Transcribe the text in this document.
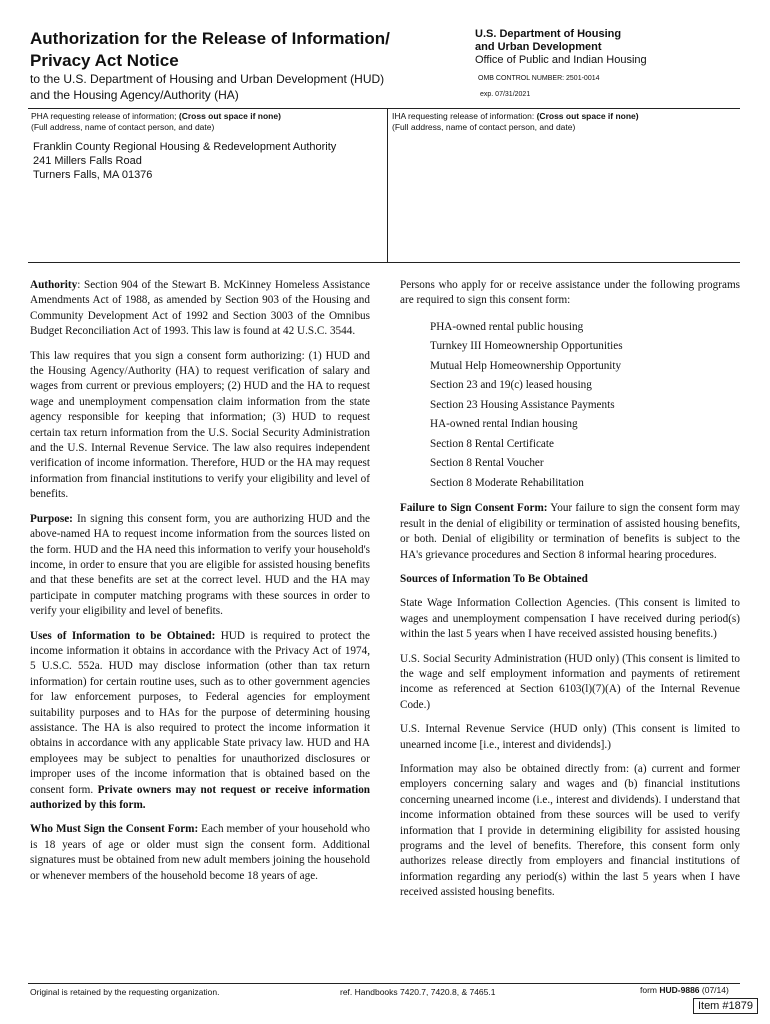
Authorization for the Release of Information/
Privacy Act Notice
to the U.S. Department of Housing and Urban Development (HUD)
and the Housing Agency/Authority (HA)
U.S. Department of Housing
and Urban Development
Office of Public and Indian Housing
OMB CONTROL NUMBER: 2501-0014
exp. 07/31/2021
PHA requesting release of information; (Cross out space if none)
(Full address, name of contact person, and date)
Franklin County Regional Housing & Redevelopment Authority
241 Millers Falls Road
Turners Falls, MA 01376
IHA requesting release of information: (Cross out space if none)
(Full address, name of contact person, and date)

Authority: Section 904 of the Stewart B. McKinney Homeless Assistance Amendments Act of 1988, as amended by Section 903 of the Housing and Community Development Act of 1992 and Section 3003 of the Omnibus Budget Reconciliation Act of 1993. This law is found at 42 U.S.C. 3544.

This law requires that you sign a consent form authorizing: (1) HUD and the Housing Agency/Authority (HA) to request verification of salary and wages from current or previous employers; (2) HUD and the HA to request wage and unemployment compensation claim information from the state agency responsible for keeping that information; (3) HUD to request certain tax return information from the U.S. Social Security Administration and the U.S. Internal Revenue Service. The law also requires independent verification of income information. Therefore, HUD or the HA may request information from financial institutions to verify your eligibility and level of benefits.

Purpose: In signing this consent form, you are authorizing HUD and the above-named HA to request income information from the sources listed on the form. HUD and the HA need this information to verify your household's income, in order to ensure that you are eligible for assisted housing benefits and that these benefits are set at the correct level. HUD and the HA may participate in computer matching programs with these sources in order to verify your eligibility and level of benefits.

Uses of Information to be Obtained: HUD is required to protect the income information it obtains in accordance with the Privacy Act of 1974, 5 U.S.C. 552a. HUD may disclose information (other than tax return information) for certain routine uses, such as to other government agencies for law enforcement purposes, to Federal agencies for employment suitability purposes and to HAs for the purpose of determining housing assistance. The HA is also required to protect the income information it obtains in accordance with any applicable State privacy law. HUD and HA employees may be subject to penalties for unauthorized disclosures or improper uses of the income information that is obtained based on the consent form. Private owners may not request or receive information authorized by this form.

Who Must Sign the Consent Form: Each member of your household who is 18 years of age or older must sign the consent form. Additional signatures must be obtained from new adult members joining the household or whenever members of the household become 18 years of age.

Persons who apply for or receive assistance under the following programs are required to sign this consent form:

PHA-owned rental public housing
Turnkey III Homeownership Opportunities
Mutual Help Homeownership Opportunity
Section 23 and 19(c) leased housing
Section 23 Housing Assistance Payments
HA-owned rental Indian housing
Section 8 Rental Certificate
Section 8 Rental Voucher
Section 8 Moderate Rehabilitation

Failure to Sign Consent Form: Your failure to sign the consent form may result in the denial of eligibility or termination of assisted housing benefits, or both. Denial of eligibility or termination of benefits is subject to the HA's grievance procedures and Section 8 informal hearing procedures.

Sources of Information To Be Obtained

State Wage Information Collection Agencies. (This consent is limited to wages and unemployment compensation I have received during period(s) within the last 5 years when I have received assisted housing benefits.)

U.S. Social Security Administration (HUD only) (This consent is limited to the wage and self employment information and payments of retirement income as referenced at Section 6103(l)(7)(A) of the Internal Revenue Code.)

U.S. Internal Revenue Service (HUD only) (This consent is limited to unearned income [i.e., interest and dividends].)

Information may also be obtained directly from: (a) current and former employers concerning salary and wages and (b) financial institutions concerning unearned income (i.e., interest and dividends). I understand that income information obtained from these sources will be used to verify information that I provide in determining eligibility for assisted housing programs and the level of benefits. Therefore, this consent form only authorizes release directly from employers and financial institutions of information regarding any period(s) within the last 5 years when I have received assisted housing benefits.

Original is retained by the requesting organization.	ref. Handbooks 7420.7, 7420.8, & 7465.1	form HUD-9886 (07/14)
Item #1879
